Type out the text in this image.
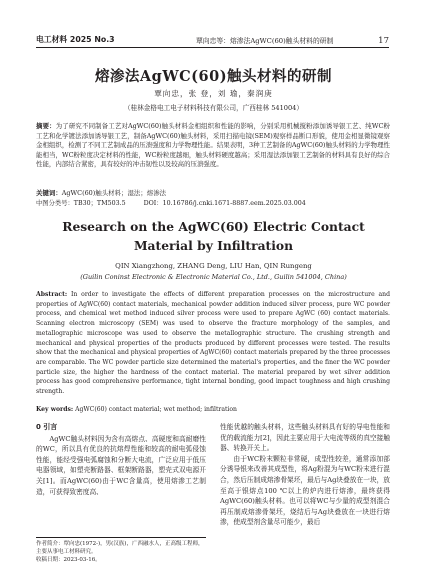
电工材料 2025 No.3	覃向忠等：熔渗法AgWC(60)触头材料的研制	17
熔渗法AgWC(60)触头材料的研制
覃向忠，张 登，刘 瑜，秦润庚
（桂林金格电工电子材料科技有限公司，广西桂林 541004）
摘要：为了研究不同制备工艺对AgWC(60)触头材料金相组织和性能的影响，分别采用机械搅粉添加诱导银工艺、纯WC粉工艺和化学镀法添加诱导银工艺，制备AgWC(60)触头材料，采用扫描电镜(SEM)观察样品断口形貌，使用金相显微镜观察金相组织，检测了不同工艺制成品的压溃强度和力学物理性能。结果表明，3种工艺制备的AgWC(60)触头材料的力学物理性能相当，WC粉粒度决定材料的性能，WC粉粒度越细，触头材料硬度越高；采用湿法添加银工艺制备的材料具有良好的综合性能，内部结合紧密，具有较好的冲击韧性以及较高的压溃强度。
关键词：AgWC(60)触头材料；湿法；熔渗法
中图分类号：TB30；TM503.5	DOI：10.16786/j.cnki.1671-8887.eem.2025.03.004
Research on the AgWC(60) Electric Contact
Material by Infiltration
QIN Xiangzhong, ZHANG Deng, LIU Han, QIN Rungeng
(Guilin Coninst Electronic & Electronic Material Co., Ltd., Guilin 541004, China)
Abstract: In order to investigate the effects of different preparation processes on the microstructure and properties of AgWC(60) contact materials, mechanical powder addition induced silver process, pure WC powder process, and chemical wet method induced silver process were used to prepare AgWC (60) contact materials. Scanning electron microscopy (SEM) was used to observe the fracture morphology of the samples, and metallographic microscope was used to observe the metallographic structure. The crushing strength and mechanical and physical properties of the products produced by different processes were tested. The results show that the mechanical and physical properties of AgWC(60) contact materials prepared by the three processes are comparable. The WC powder particle size determined the material's properties, and the finer the WC powder particle size, the higher the hardness of the contact material. The material prepared by wet silver addition process has good comprehensive performance, tight internal bonding, good impact toughness and high crushing strength.
Key words: AgWC(60) contact material; wet method; infiltration
0 引言

AgWC触头材料因为含有高熔点、高硬度和高耐磨性的WC，所以具有优良的抗熔焊性能和较高的耐电弧侵蚀性能，能经受强电弧腐蚀和分断大电流，广泛应用于低压电器领域，如塑壳断路器、框架断路器，塑壳式双电源开关[1]。而AgWC(60)由于WC含量高，使用熔渗工艺制造，可获得致密度高、

性能优越的触头材料，这些触头材料具有好的导电性能和优的载流能力[2]，因此主要应用于大电流等级的真空接触器、转换开关上。

由于WC粉末颗粒非常硬，成型性较差，通常添加部分诱导银来改善其成型性，将Ag粉混为与WC粉末进行混合，然后压制成熔渗骨架坯，最后与Ag块叠放在一块，放至高于银熔点100 ℃以上的炉内进行熔渗，最终获得AgWC(60)触头材料。也可以将WC与少量的成型剂混合再压制成熔渗骨架坯，烧结后与Ag块叠放在一块进行熔渗，使成型剂含量尽可能少，最后

作者简介：覃向忠(1972-)，男(汉族)，广西融水人，正高级工程师，主要从事电工材料研究。
收稿日期：2023-03-16。
